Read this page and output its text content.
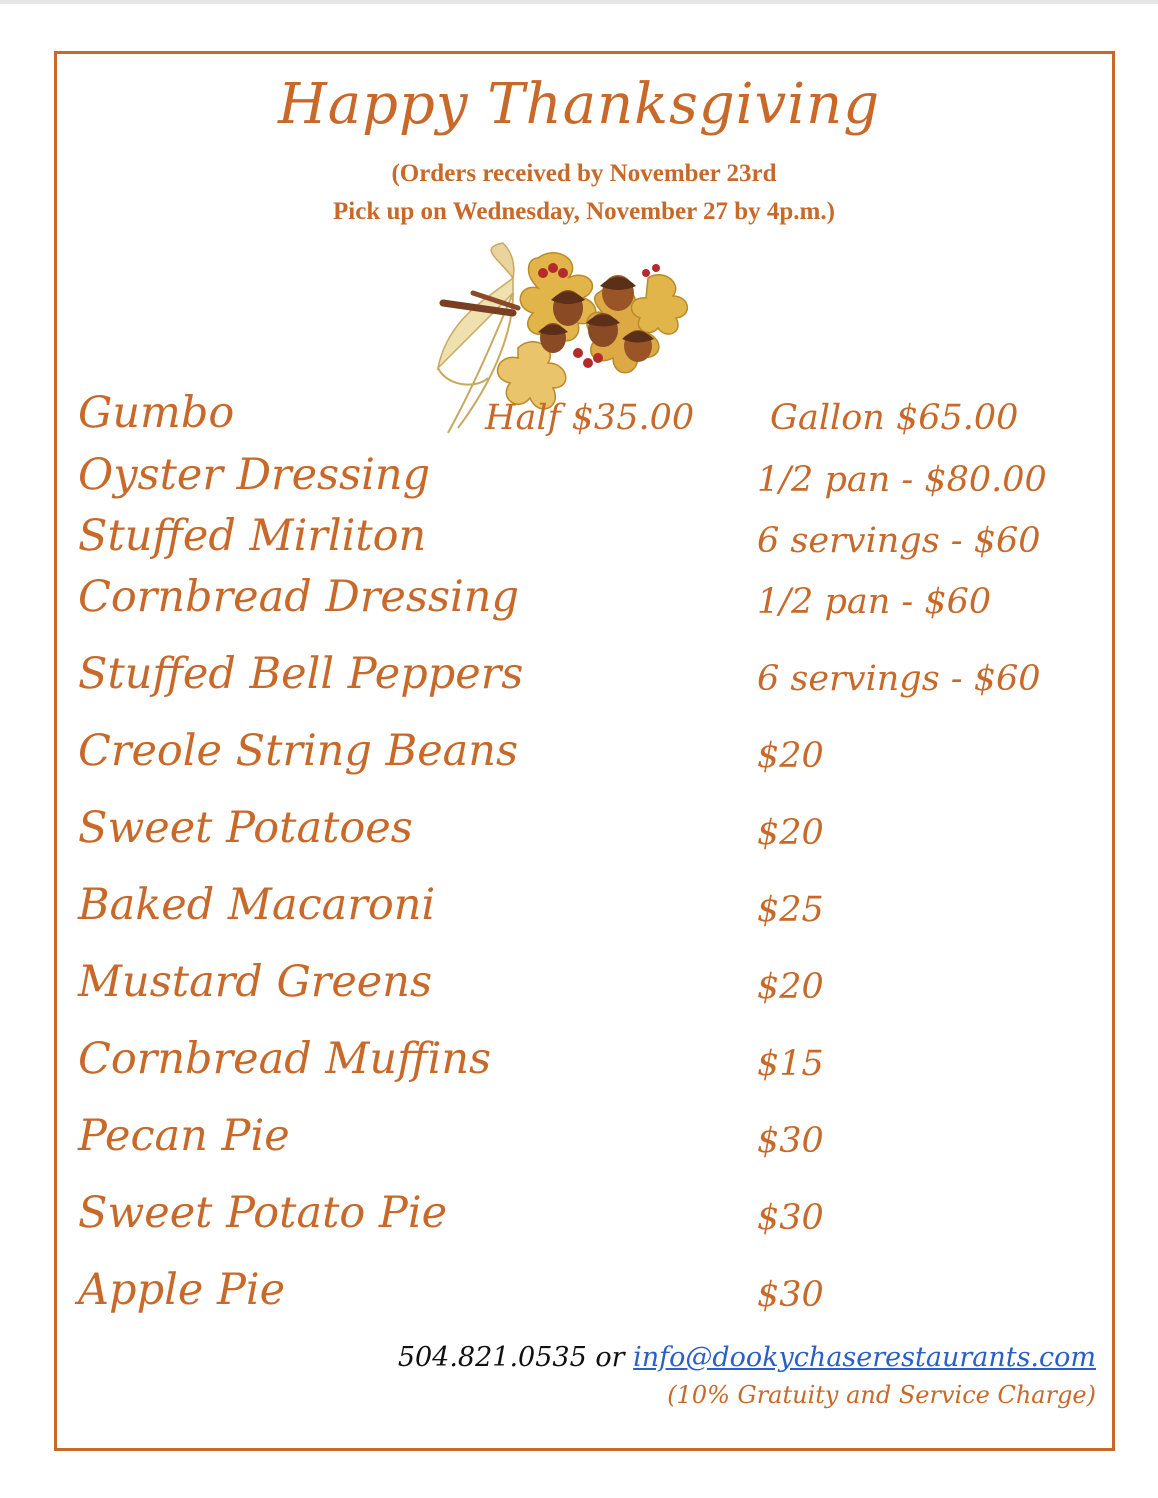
Happy Thanksgiving
(Orders received by November 23rd
Pick up on Wednesday, November 27 by 4p.m.)
Gumbo	Half $35.00 Gallon $65.00
Oyster Dressing	1/2 pan - $80.00
Stuffed Mirliton	6 servings - $60
Cornbread Dressing	1/2 pan - $60
Stuffed Bell Peppers	6 servings - $60
Creole String Beans	$20
Sweet Potatoes	$20
Baked Macaroni	$25
Mustard Greens	$20
Cornbread Muffins	$15
Pecan Pie	$30
Sweet Potato Pie	$30
Apple Pie	$30
504.821.0535 or info@dookychaserestaurants.com
(10% Gratuity and Service Charge)
